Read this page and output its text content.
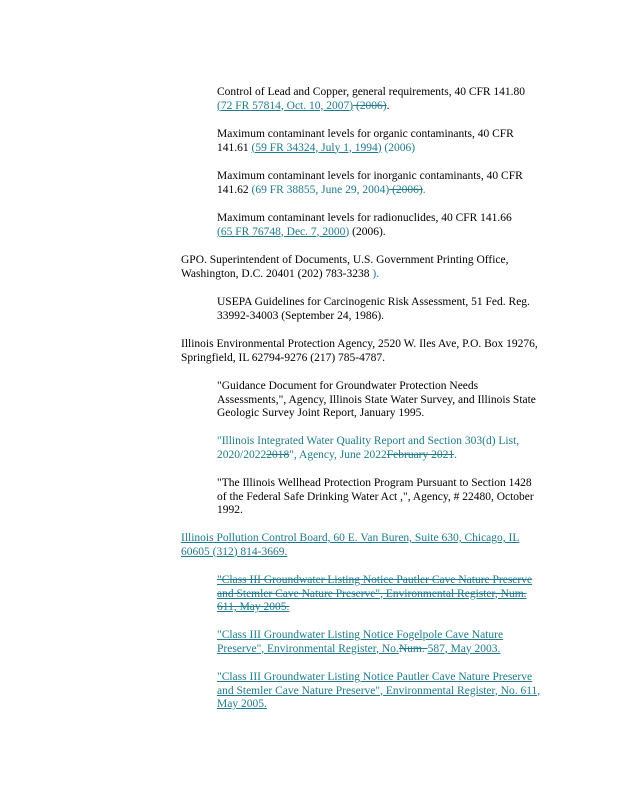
Control of Lead and Copper, general requirements, 40 CFR 141.80
(72 FR 57814, Oct. 10, 2007) (2006).

Maximum contaminant levels for organic contaminants, 40 CFR 141.61 (59 FR 34324, July 1, 1994) (2006)

Maximum contaminant levels for inorganic contaminants, 40 CFR 141.62 (69 FR 38855, June 29, 2004) (2006).

Maximum contaminant levels for radionuclides, 40 CFR 141.66
(65 FR 76748, Dec. 7, 2000) (2006).

GPO. Superintendent of Documents, U.S. Government Printing Office, Washington, D.C. 20401 (202) 783-3238 ).

USEPA Guidelines for Carcinogenic Risk Assessment, 51 Fed. Reg. 33992-34003 (September 24, 1986).

Illinois Environmental Protection Agency, 2520 W. Iles Ave, P.O. Box 19276, Springfield, IL 62794-9276 (217) 785-4787.

"Guidance Document for Groundwater Protection Needs Assessments,", Agency, Illinois State Water Survey, and Illinois State Geologic Survey Joint Report, January 1995.

"Illinois Integrated Water Quality Report and Section 303(d) List, 2020/20222018", Agency, June 2022February 2021.

"The Illinois Wellhead Protection Program Pursuant to Section 1428 of the Federal Safe Drinking Water Act ,", Agency, # 22480, October 1992.

Illinois Pollution Control Board, 60 E. Van Buren, Suite 630, Chicago, IL 60605 (312) 814-3669.

"Class III Groundwater Listing Notice Pautler Cave Nature Preserve and Stemler Cave Nature Preserve", Environmental Register, Num. 611, May 2005.

"Class III Groundwater Listing Notice Fogelpole Cave Nature Preserve", Environmental Register, No.Num. 587, May 2003.

"Class III Groundwater Listing Notice Pautler Cave Nature Preserve and Stemler Cave Nature Preserve", Environmental Register, No. 611, May 2005.
